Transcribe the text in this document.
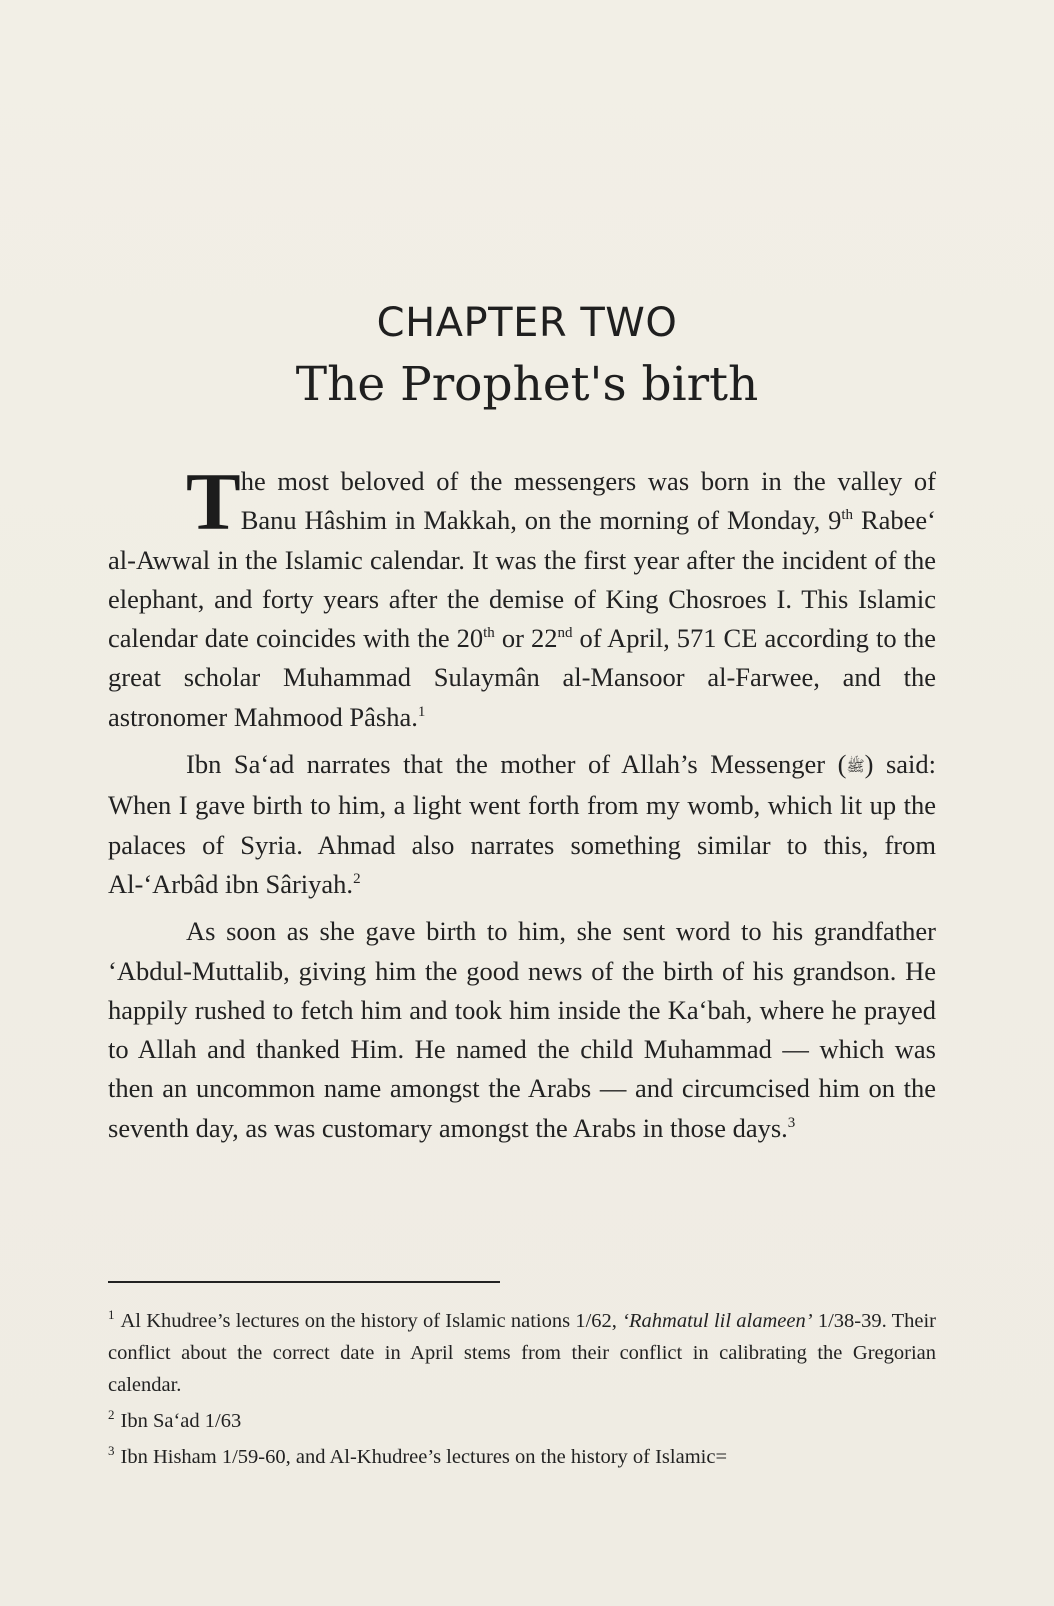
CHAPTER TWO
The Prophet's birth

The most beloved of the messengers was born in the valley of Banu Hâshim in Makkah, on the morning of Monday, 9th Rabee‘ al-Awwal in the Islamic calendar. It was the first year after the incident of the elephant, and forty years after the demise of King Chosroes I. This Islamic calendar date coincides with the 20th or 22nd of April, 571 CE according to the great scholar Muhammad Sulaymân al-Mansoor al-Farwee, and the astronomer Mahmood Pâsha.$^1$

Ibn Sa‘ad narrates that the mother of Allah’s Messenger (ﷺ) said: When I gave birth to him, a light went forth from my womb, which lit up the palaces of Syria. Ahmad also narrates something similar to this, from Al-‘Arbâd ibn Sâriyah.$^2$

As soon as she gave birth to him, she sent word to his grandfather ‘Abdul-Muttalib, giving him the good news of the birth of his grandson. He happily rushed to fetch him and took him inside the Ka‘bah, where he prayed to Allah and thanked Him. He named the child Muhammad — which was then an uncommon name amongst the Arabs — and circumcised him on the seventh day, as was customary amongst the Arabs in those days.$^3$

$^1$ Al Khudree’s lectures on the history of Islamic nations 1/62, ‘Rahmatul lil alameen’ 1/38-39. Their conflict about the correct date in April stems from their conflict in calibrating the Gregorian calendar.

$^2$ Ibn Sa‘ad 1/63

$^3$ Ibn Hisham 1/59-60, and Al-Khudree’s lectures on the history of Islamic=
